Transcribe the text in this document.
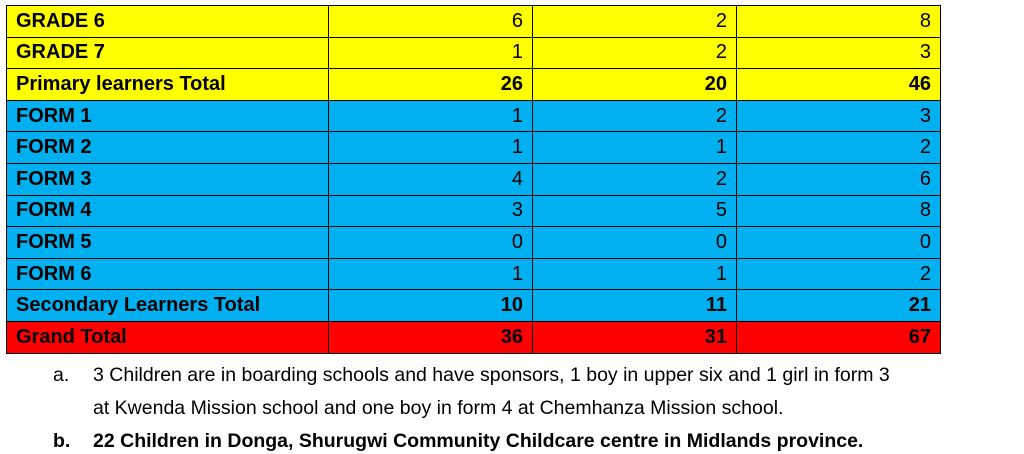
GRADE 6	6	2	8
GRADE 7	1	2	3
Primary learners Total	26	20	46
FORM 1	1	2	3
FORM 2	1	1	2
FORM 3	4	2	6
FORM 4	3	5	8
FORM 5	0	0	0
FORM 6	1	1	2
Secondary Learners Total	10	11	21
Grand Total	36	31	67
a. 3 Children are in boarding schools and have sponsors, 1 boy in upper six and 1 girl in form 3
at Kwenda Mission school and one boy in form 4 at Chemhanza Mission school.
b. 22 Children in Donga, Shurugwi Community Childcare centre in Midlands province.
